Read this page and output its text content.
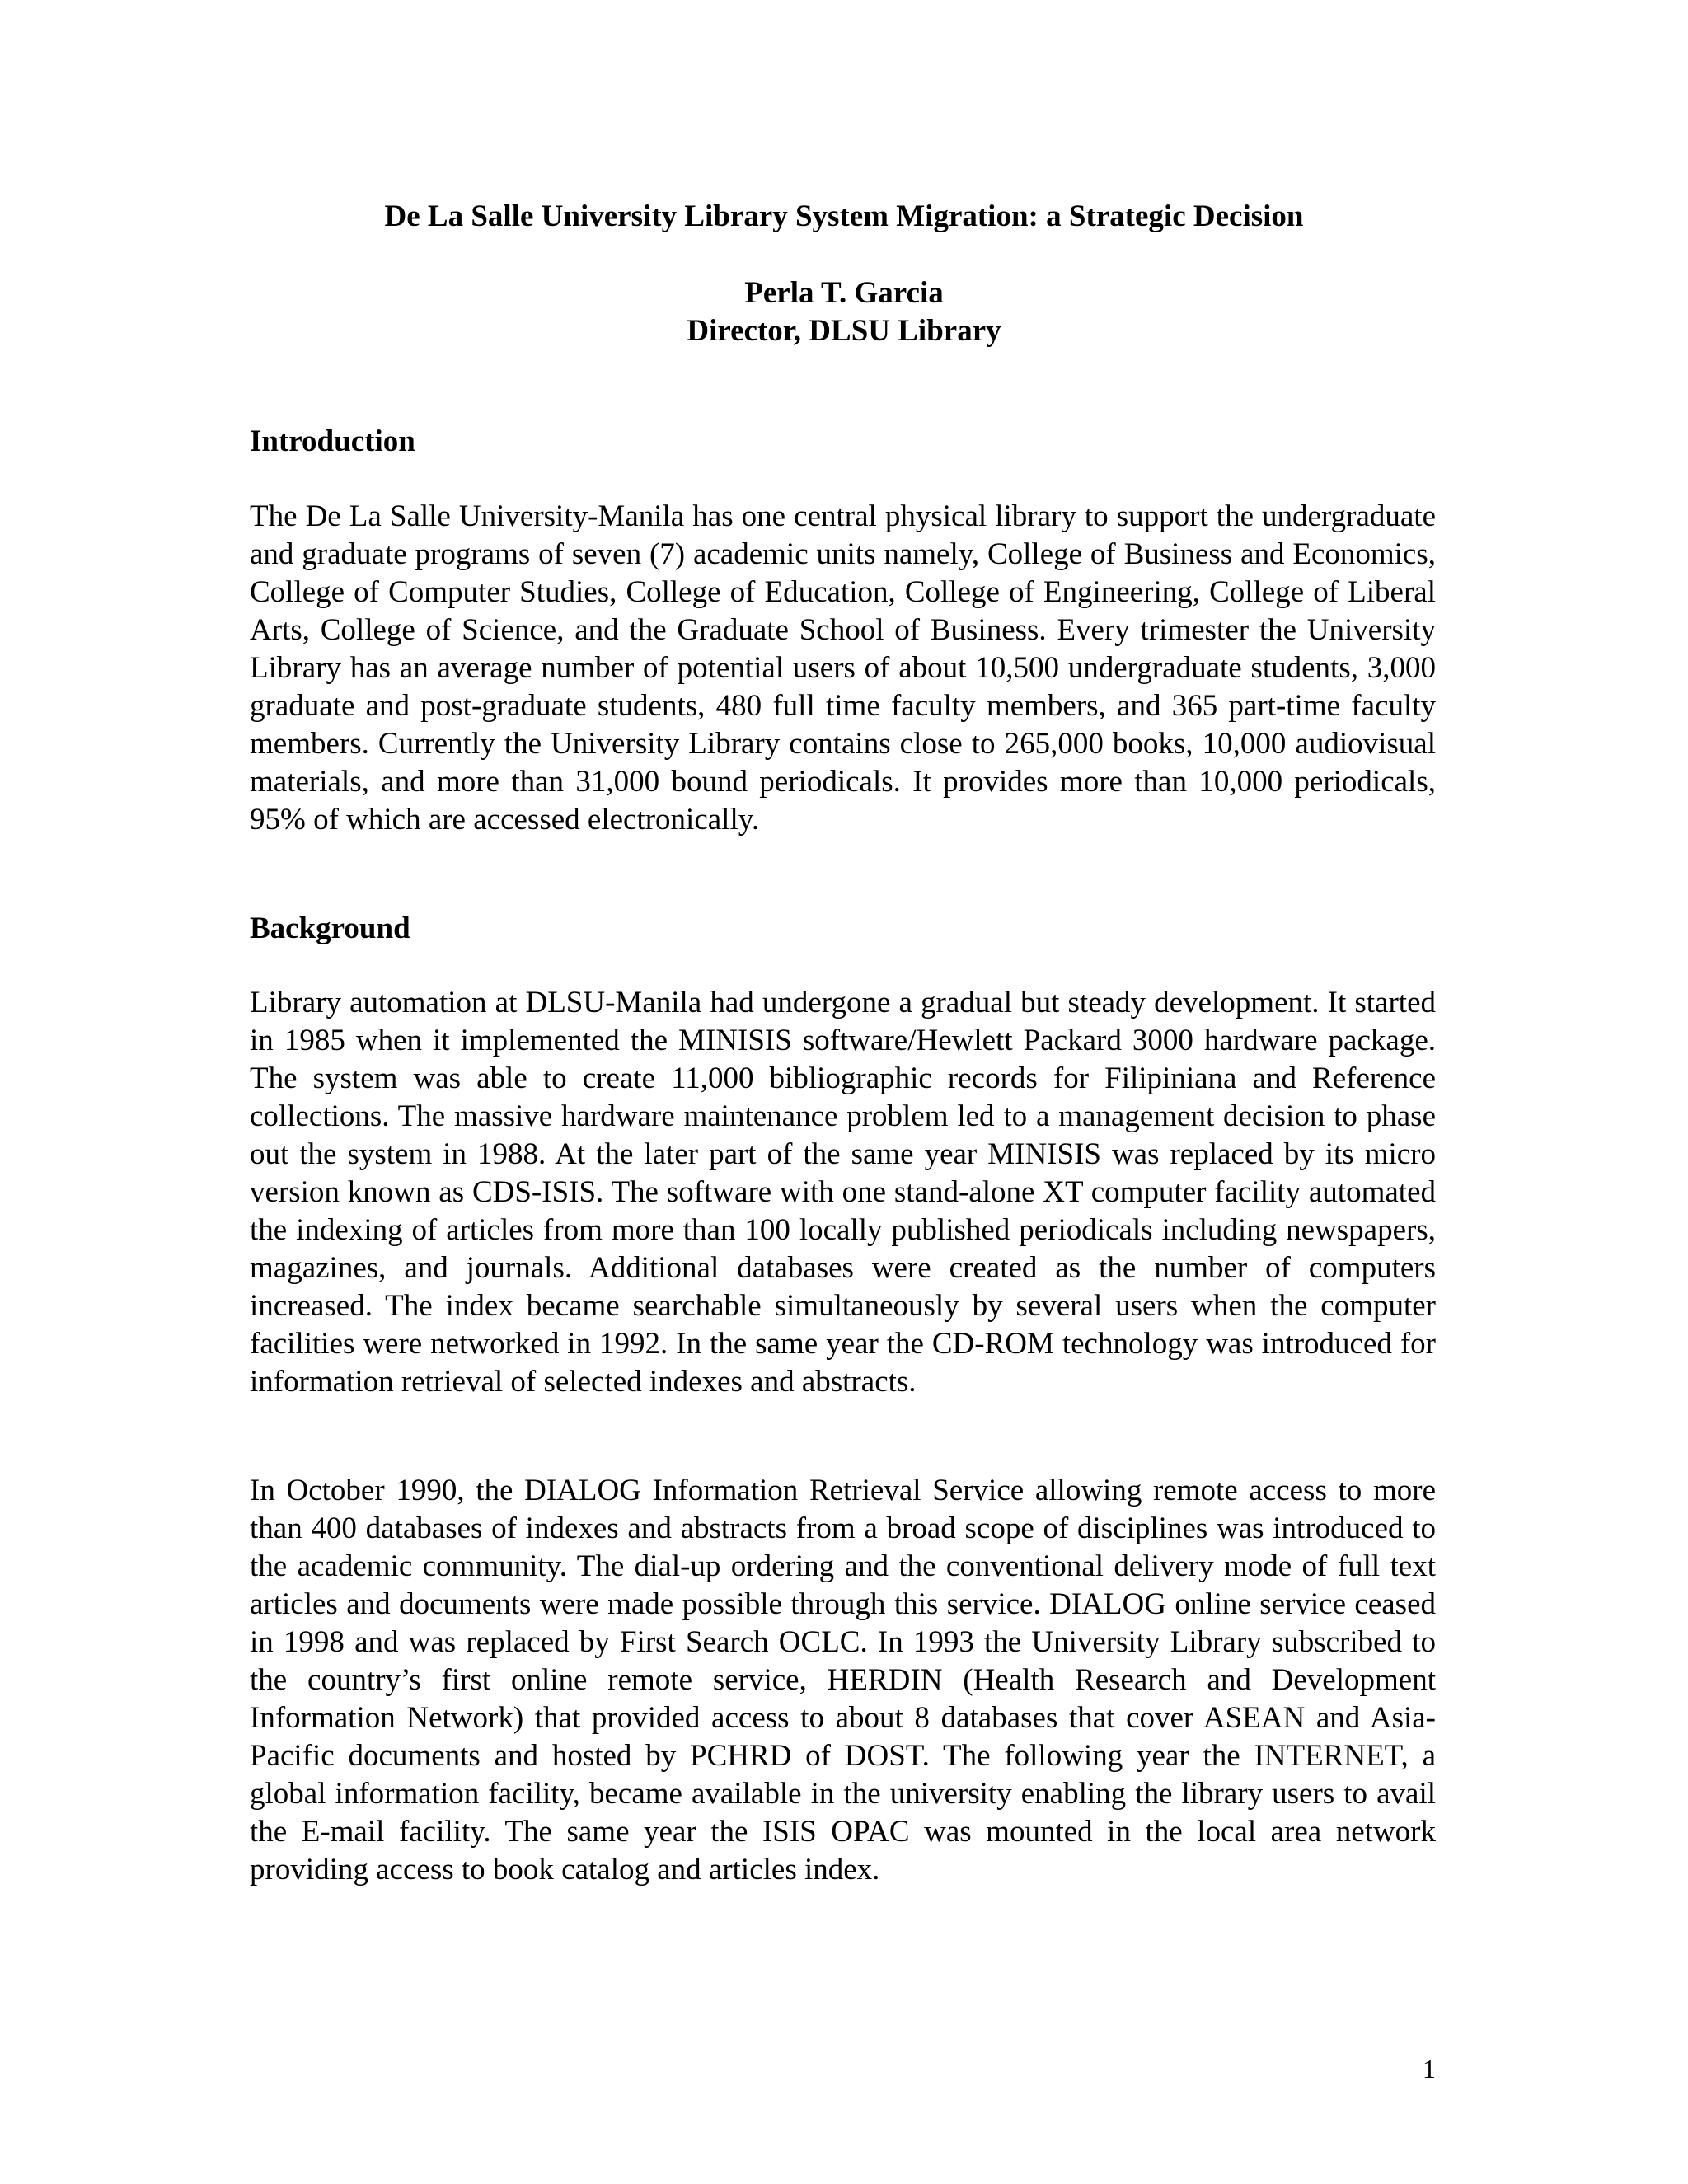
De La Salle University Library System Migration: a Strategic Decision
Perla T. Garcia
Director, DLSU Library
Introduction

The De La Salle University-Manila has one central physical library to support the undergraduate and graduate programs of seven (7) academic units namely, College of Business and Economics, College of Computer Studies, College of Education, College of Engineering, College of Liberal Arts, College of Science, and the Graduate School of Business. Every trimester the University Library has an average number of potential users of about 10,500 undergraduate students, 3,000 graduate and post-graduate students, 480 full time faculty members, and 365 part-time faculty members. Currently the University Library contains close to 265,000 books, 10,000 audiovisual materials, and more than 31,000 bound periodicals. It provides more than 10,000 periodicals, 95% of which are accessed electronically.

Background

Library automation at DLSU-Manila had undergone a gradual but steady development. It started in 1985 when it implemented the MINISIS software/Hewlett Packard 3000 hardware package. The system was able to create 11,000 bibliographic records for Filipiniana and Reference collections. The massive hardware maintenance problem led to a management decision to phase out the system in 1988. At the later part of the same year MINISIS was replaced by its micro version known as CDS-ISIS. The software with one stand-alone XT computer facility automated the indexing of articles from more than 100 locally published periodicals including newspapers, magazines, and journals. Additional databases were created as the number of computers increased. The index became searchable simultaneously by several users when the computer facilities were networked in 1992. In the same year the CD-ROM technology was introduced for information retrieval of selected indexes and abstracts.

In October 1990, the DIALOG Information Retrieval Service allowing remote access to more than 400 databases of indexes and abstracts from a broad scope of disciplines was introduced to the academic community. The dial-up ordering and the conventional delivery mode of full text articles and documents were made possible through this service. DIALOG online service ceased in 1998 and was replaced by First Search OCLC. In 1993 the University Library subscribed to the country’s first online remote service, HERDIN (Health Research and Development Information Network) that provided access to about 8 databases that cover ASEAN and Asia-Pacific documents and hosted by PCHRD of DOST. The following year the INTERNET, a global information facility, became available in the university enabling the library users to avail the E-mail facility. The same year the ISIS OPAC was mounted in the local area network providing access to book catalog and articles index.

1
